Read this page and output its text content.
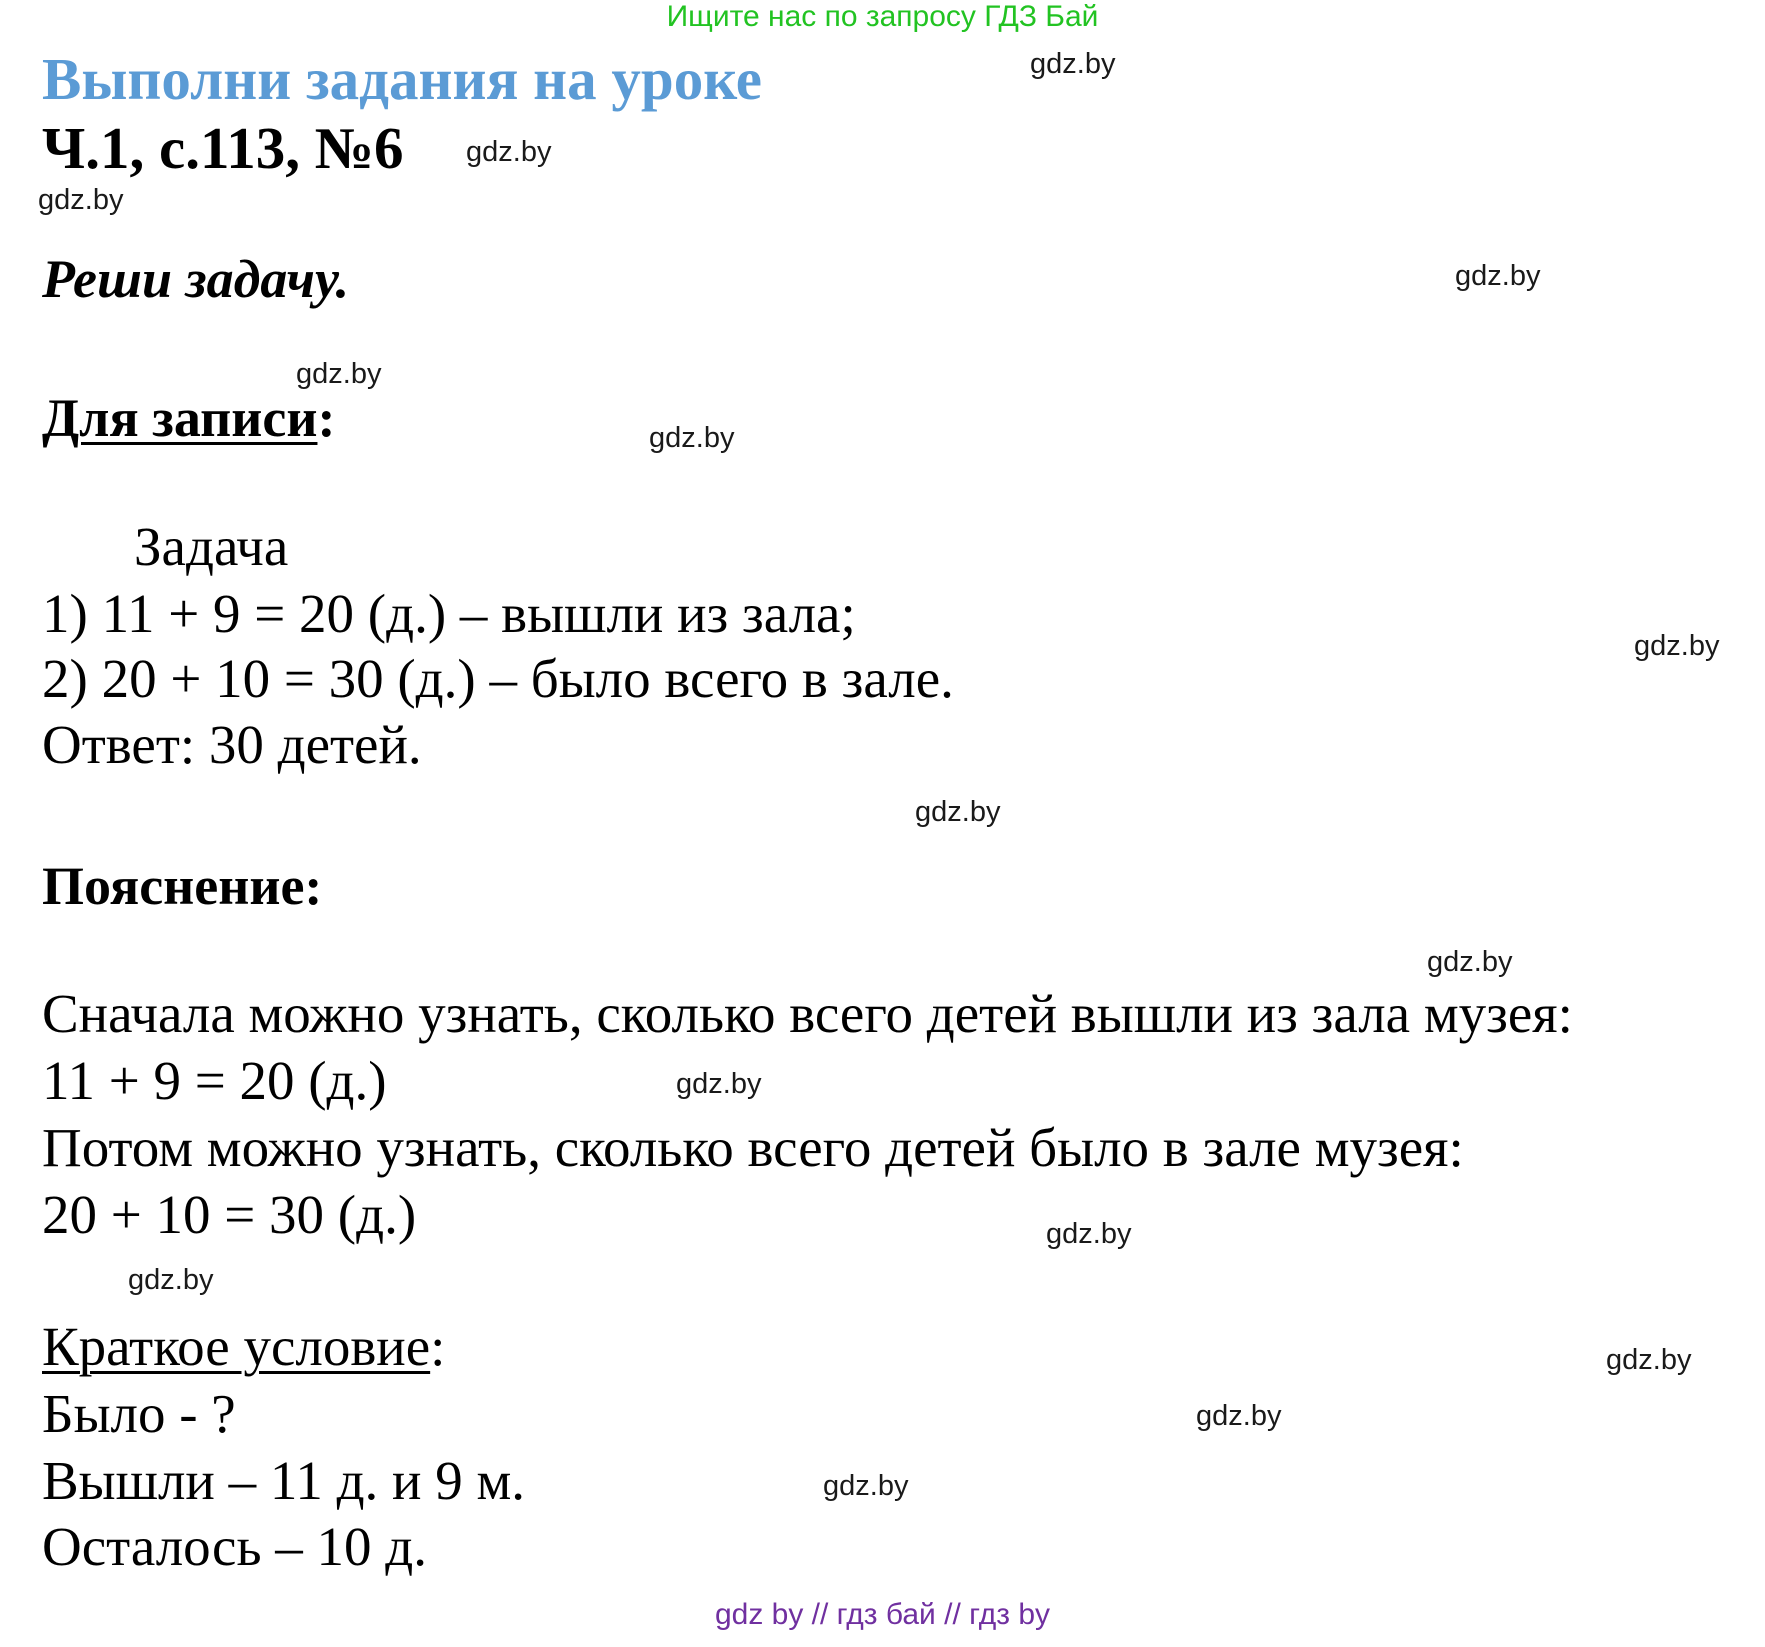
Ищите нас по запросу ГДЗ Бай
Выполни задания на уроке
Ч.1, с.113, №6
Реши задачу.
Для записи:
Задача
1) 11 + 9 = 20 (д.) – вышли из зала;
2) 20 + 10 = 30 (д.) – было всего в зале.
Ответ: 30 детей.
Пояснение:
Сначала можно узнать, сколько всего детей вышли из зала музея:
11 + 9 = 20 (д.)
Потом можно узнать, сколько всего детей было в зале музея:
20 + 10 = 30 (д.)
Краткое условие:
Было - ?
Вышли – 11 д. и 9 м.
Осталось – 10 д.
gdz.by
gdz.by
gdz.by
gdz.by
gdz.by
gdz.by
gdz.by
gdz.by
gdz.by
gdz.by
gdz.by
gdz.by
gdz.by
gdz.by
gdz.by
gdz by // гдз бай // гдз by
